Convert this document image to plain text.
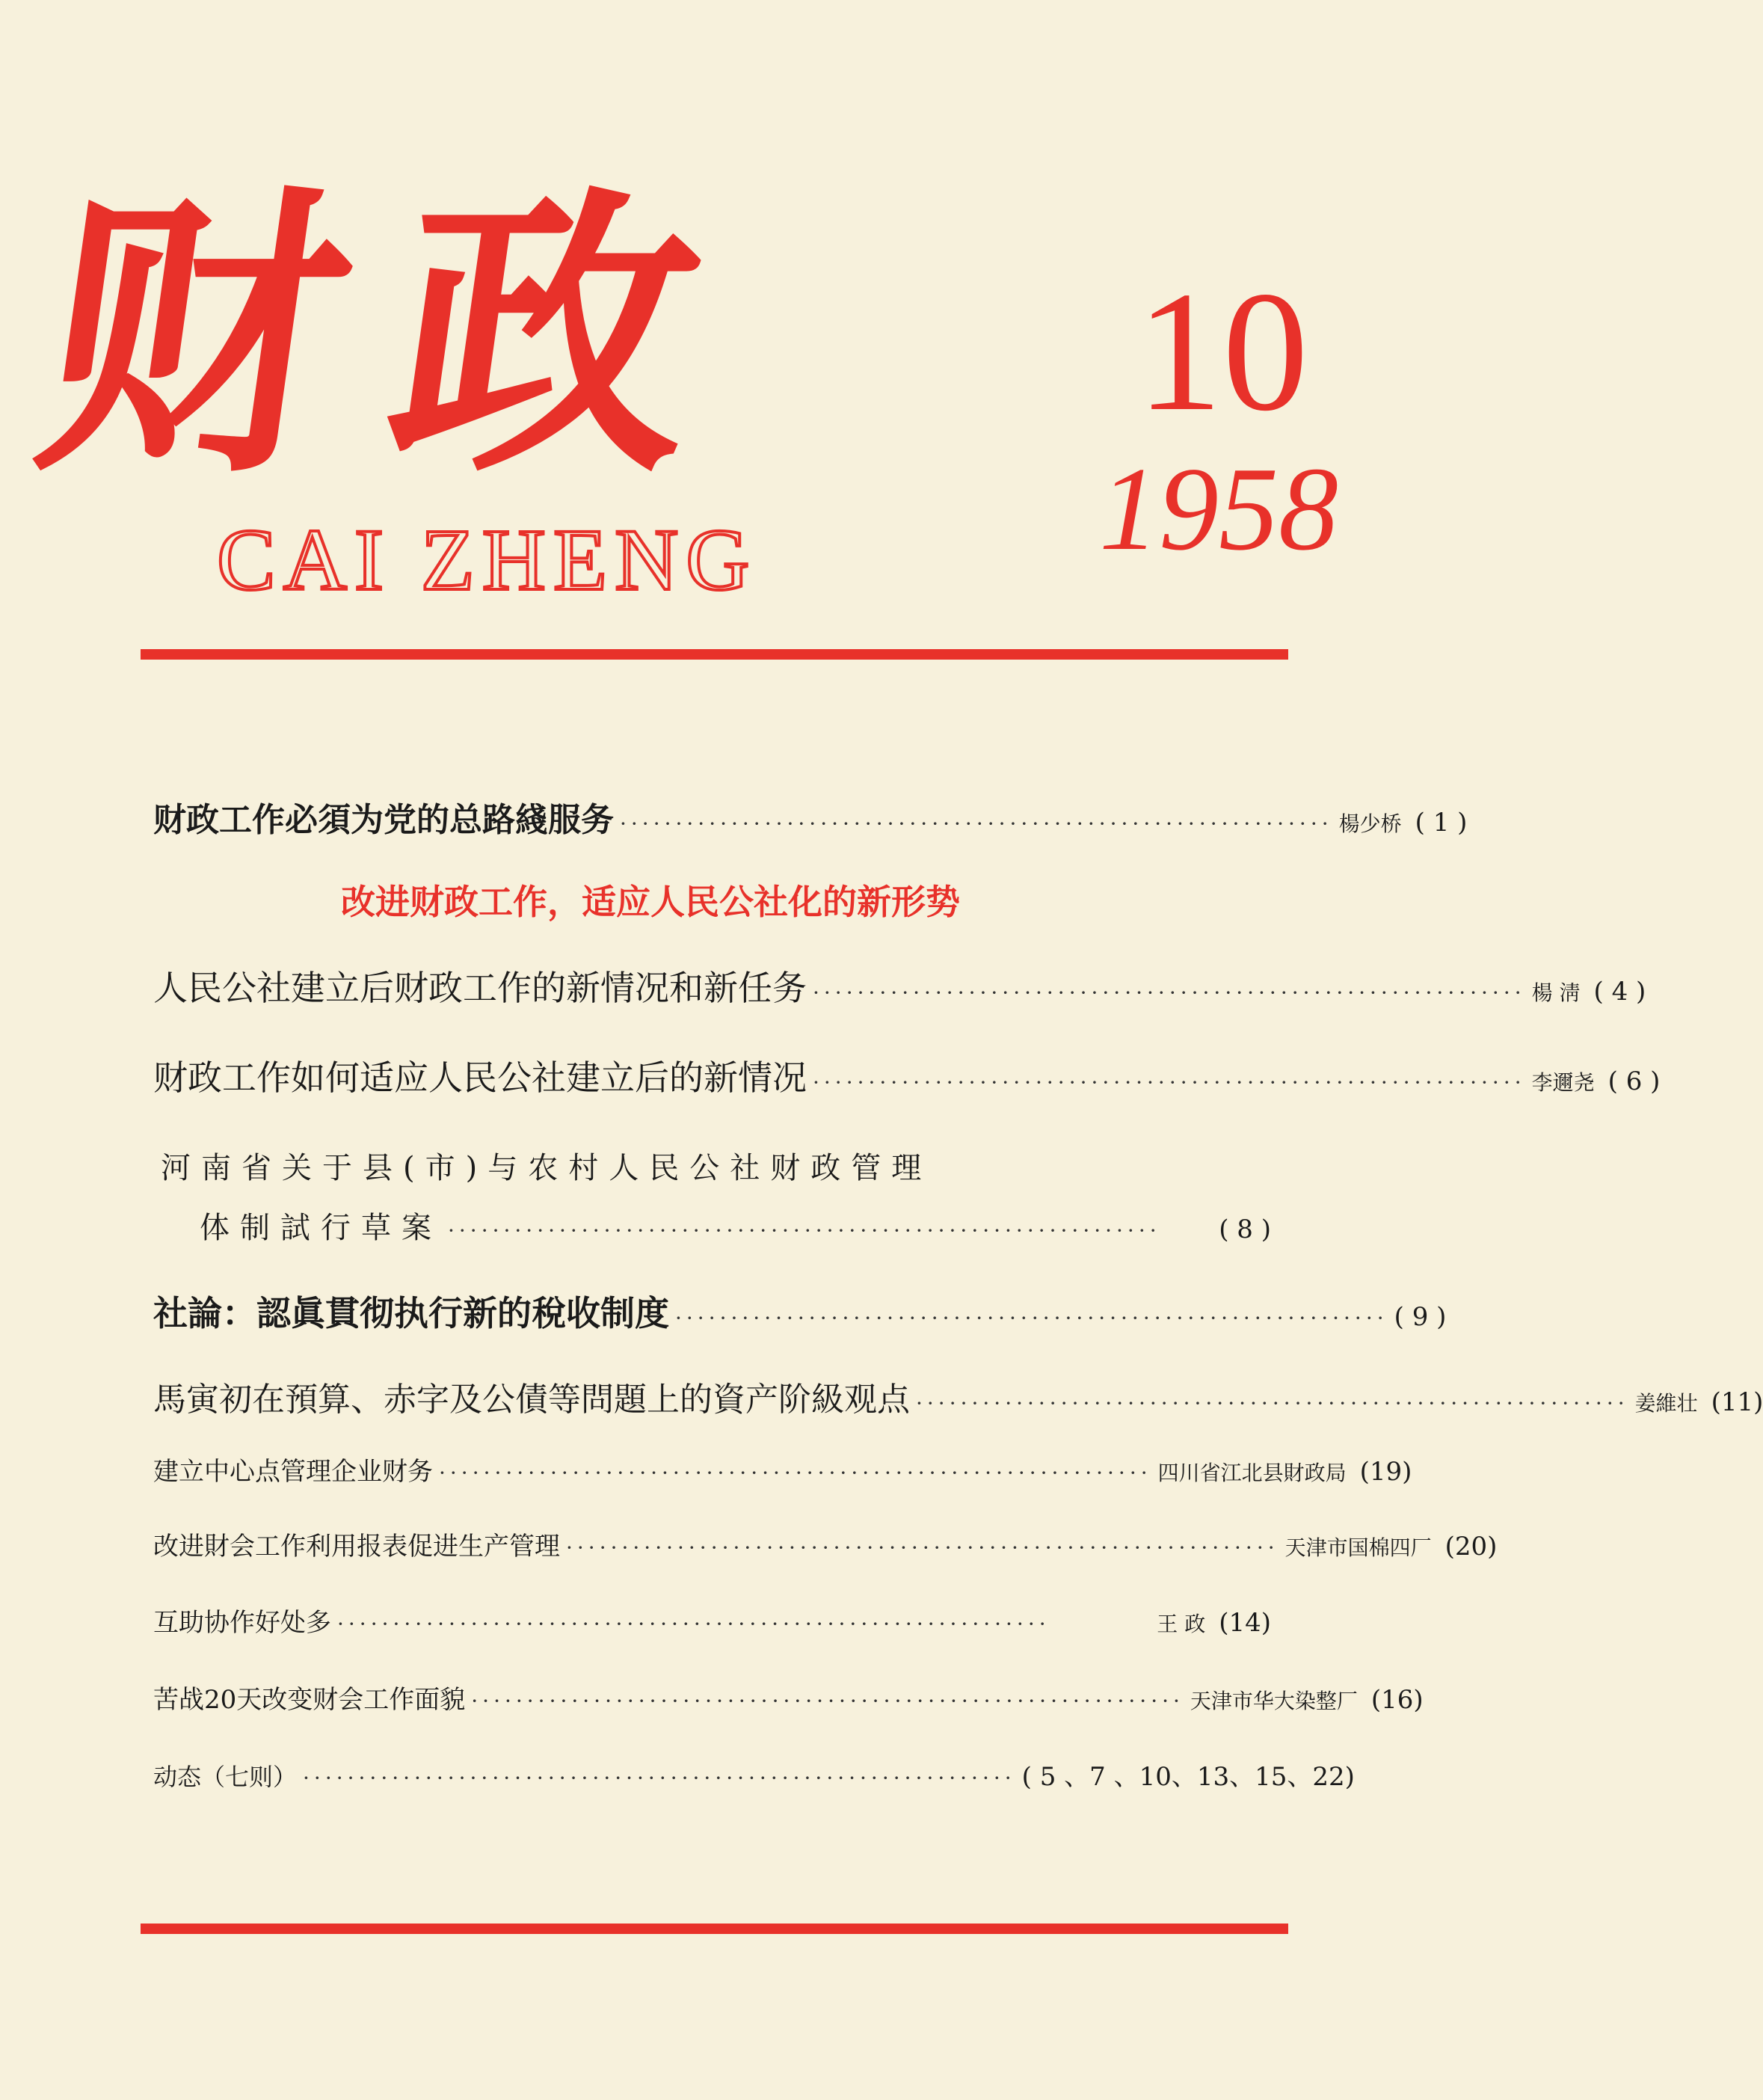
财政
CAI ZHENG
10
1958
财政工作必須为党的总路綫服务 ································································ 楊少桥 ( 1 )
改进财政工作，适应人民公社化的新形势
人民公社建立后财政工作的新情况和新任务 ································································ 楊 淸 ( 4 )
财政工作如何适应人民公社建立后的新情况 ································································ 李邇尧 ( 6 )
河南省关于县(市)与农村人民公社财政管理
体制試行草案 ································································	( 8 )
社論：認眞貫彻执行新的稅收制度 ································································ ( 9 )
馬寅初在預算、赤字及公債等問題上的資产阶級观点 ································································ 姜維壮 (11)
建立中心点管理企业财务 ································································ 四川省江北县財政局 (19)
改进財会工作利用报表促进生产管理 ································································ 天津市国棉四厂 (20)
互助协作好处多 ································································	王 政 (14)
苦战20天改变财会工作面貌 ································································ 天津市华大染整厂 (16)
动态（七则） ································································ ( 5 、7 、10、13、15、22)
